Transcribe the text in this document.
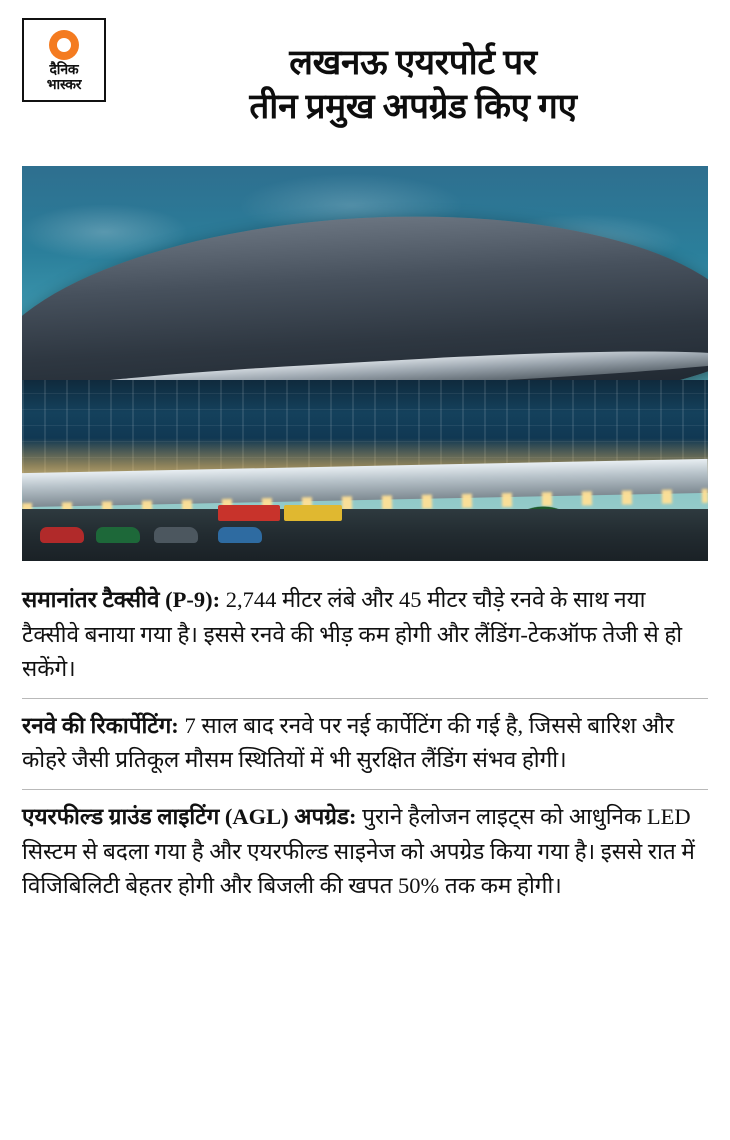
दैनिक
भास्कर
लखनऊ एयरपोर्ट पर
तीन प्रमुख अपग्रेड किए गए
समानांतर टैक्सीवे (P-9): 2,744 मीटर लंबे और 45 मीटर चौड़े रनवे के साथ नया टैक्सीवे बनाया गया है। इससे रनवे की भीड़ कम होगी और लैंडिंग-टेकऑफ तेजी से हो सकेंगे।
रनवे की रिकार्पेटिंग: 7 साल बाद रनवे पर नई कार्पेटिंग की गई है, जिससे बारिश और कोहरे जैसी प्रतिकूल मौसम स्थितियों में भी सुरक्षित लैंडिंग संभव होगी।
एयरफील्ड ग्राउंड लाइटिंग (AGL) अपग्रेड: पुराने हैलोजन लाइट्स को आधुनिक LED सिस्टम से बदला गया है और एयरफील्ड साइनेज को अपग्रेड किया गया है। इससे रात में विजिबिलिटी बेहतर होगी और बिजली की खपत 50% तक कम होगी।
